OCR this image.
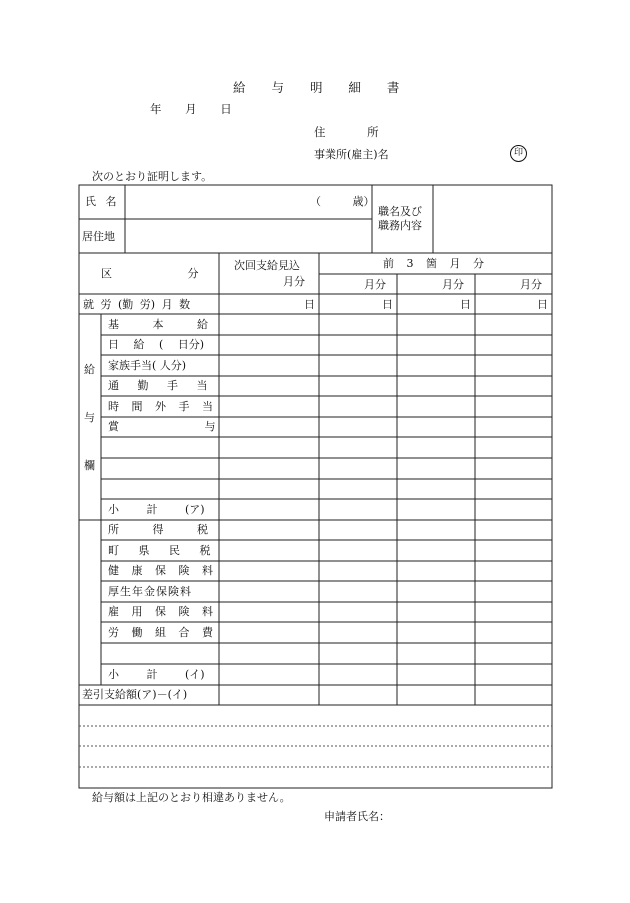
給 与 明 細 書
年 月 日
住 所
事業所(雇主)名	印
次のとおり証明します。
氏 名	（ 歳）
居住地
職名及び
職務内容
区 分
次回支給見込
月分
前 3 箇 月 分
月分	月分	月分
就 労 (勤 労) 月 数	日	日	日	日
給
与
欄
基 本 給
日 給 ( 日分)
家族手当( 人分)
通 勤 手 当
時 間 外 手 当
賞 与
小 計 (ア)
所 得 税
町 県 民 税
健 康 保 険 料
厚生年金保険料
雇 用 保 険 料
労 働 組 合 費
小 計 (イ)
差引支給額(ア)－(イ)
給与額は上記のとおり相違ありません。
申請者氏名：
